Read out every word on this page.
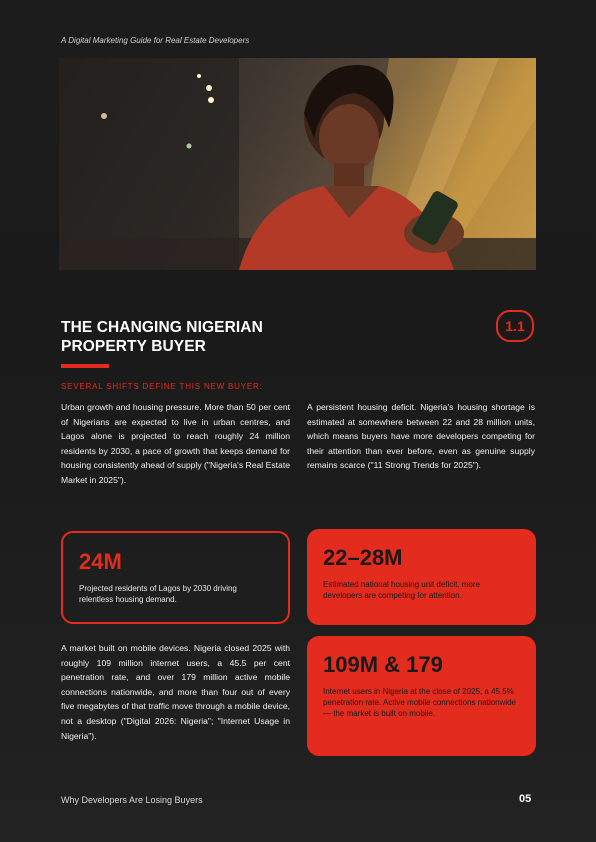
A Digital Marketing Guide for Real Estate Developers
THE CHANGING NIGERIAN
PROPERTY BUYER
1.1
SEVERAL SHIFTS DEFINE THIS NEW BUYER:
Urban growth and housing pressure. More than 50 per cent of Nigerians are expected to live in urban centres, and Lagos alone is projected to reach roughly 24 million residents by 2030, a pace of growth that keeps demand for housing consistently ahead of supply ("Nigeria's Real Estate Market in 2025").
A persistent housing deficit. Nigeria's housing shortage is estimated at somewhere between 22 and 28 million units, which means buyers have more developers competing for their attention than ever before, even as genuine supply remains scarce ("11 Strong Trends for 2025").
24M
Projected residents of Lagos by 2030 driving relentless housing demand.
22–28M
Estimated national housing unit deficit, more developers are competing for attention.
A market built on mobile devices. Nigeria closed 2025 with roughly 109 million internet users, a 45.5 per cent penetration rate, and over 179 million active mobile connections nationwide, and more than four out of every five megabytes of that traffic move through a mobile device, not a desktop ("Digital 2026: Nigeria"; "Internet Usage in Nigeria").
109M & 179
Internet users in Nigeria at the close of 2025, a 45.5% penetration rate. Active mobile connections nationwide — the market is built on mobile.
Why Developers Are Losing Buyers	05
